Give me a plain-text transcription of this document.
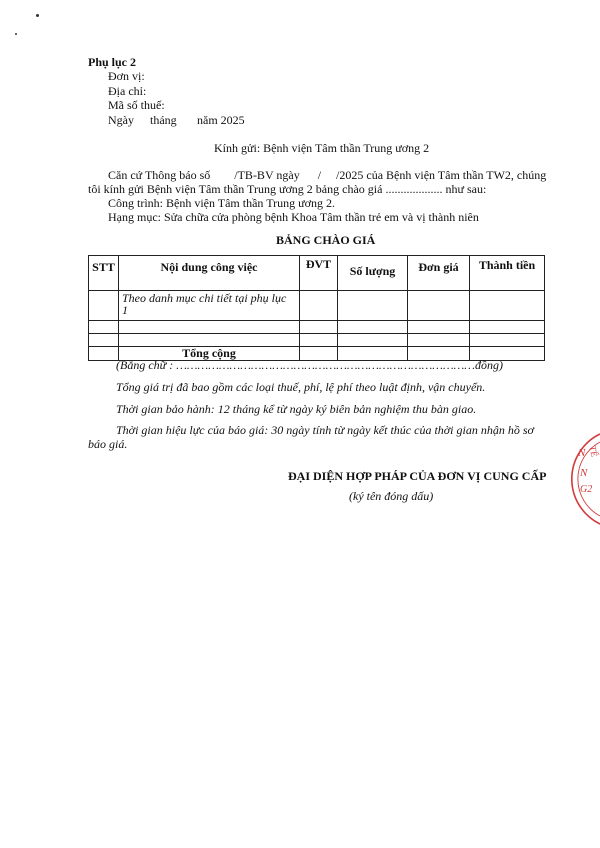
Phụ lục 2
Đơn vị:
Địa chỉ:
Mã số thuế:
Ngày tháng năm 2025
Kính gửi: Bệnh viện Tâm thần Trung ương 2
Căn cứ Thông báo số        /TB-BV ngày      /     /2025 của Bệnh viện Tâm thần TW2, chúng
tôi kính gửi Bệnh viện Tâm thần Trung ương 2 bảng chào giá ................... như sau:
Công trình: Bệnh viện Tâm thần Trung ương 2.
Hạng mục: Sửa chữa cửa phòng bệnh Khoa Tâm thần trẻ em và vị thành niên
BẢNG CHÀO GIÁ
STT	Nội dung công việc	ĐVT	Số lượng	Đơn giá	Thành tiền

	Theo danh mục chi tiết tại phụ lục
1				

	Tổng cộng				
(Bằng chữ : …………………………………………………………………………đồng)
Tổng giá trị đã bao gồm các loại thuế, phí, lệ phí theo luật định, vận chuyển.
Thời gian bảo hành: 12 tháng kể từ ngày ký biên bản nghiệm thu bàn giao.
Thời gian hiệu lực của báo giá: 30 ngày tính từ ngày kết thúc của thời gian nhận hồ sơ
báo giá.
ĐẠI DIỆN HỢP PHÁP CỦA ĐƠN VỊ CUNG CẤP
(ký tên đóng dấu)
N TẾ
N
G2
